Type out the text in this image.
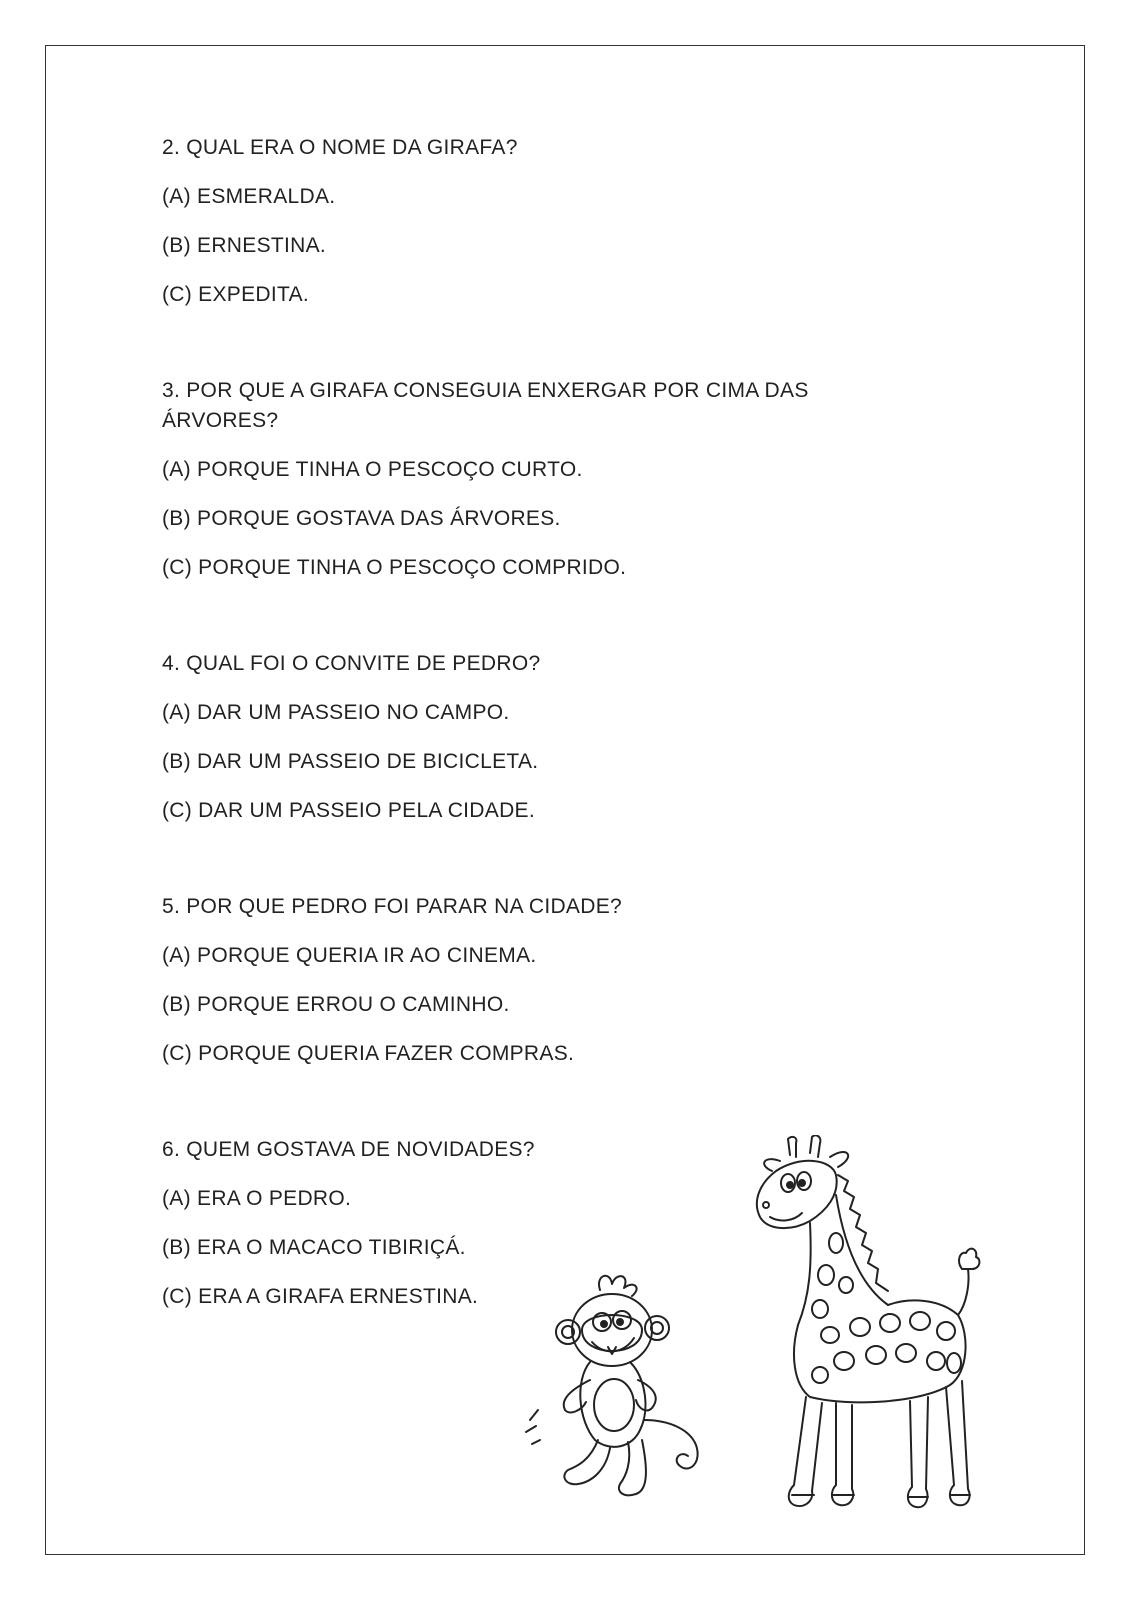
2. QUAL ERA O NOME DA GIRAFA?

(A) ESMERALDA.

(B) ERNESTINA.

(C) EXPEDITA.

3. POR QUE A GIRAFA CONSEGUIA ENXERGAR POR CIMA DAS ÁRVORES?

(A) PORQUE TINHA O PESCOÇO CURTO.

(B) PORQUE GOSTAVA DAS ÁRVORES.

(C) PORQUE TINHA O PESCOÇO COMPRIDO.

4. QUAL FOI O CONVITE DE PEDRO?

(A) DAR UM PASSEIO NO CAMPO.

(B) DAR UM PASSEIO DE BICICLETA.

(C) DAR UM PASSEIO PELA CIDADE.

5. POR QUE PEDRO FOI PARAR NA CIDADE?

(A) PORQUE QUERIA IR AO CINEMA.

(B) PORQUE ERROU O CAMINHO.

(C) PORQUE QUERIA FAZER COMPRAS.

6. QUEM GOSTAVA DE NOVIDADES?

(A) ERA O PEDRO.

(B) ERA O MACACO TIBIRIÇÁ.

(C) ERA A GIRAFA ERNESTINA.
